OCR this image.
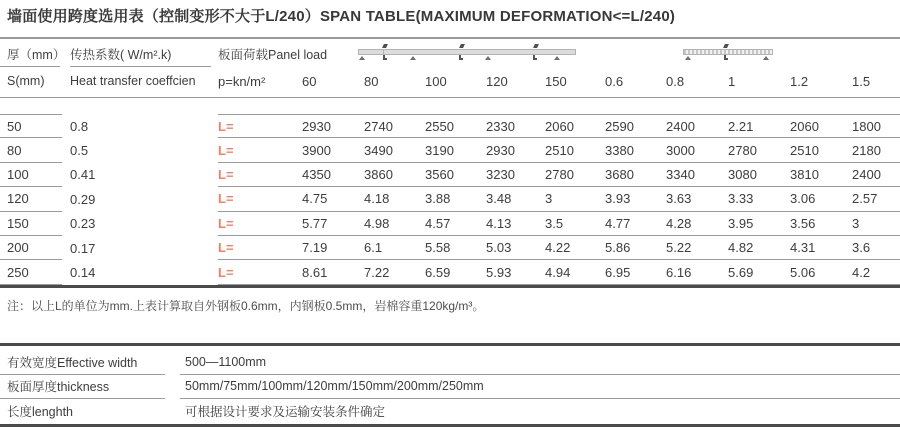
墙面使用跨度选用表（控制变形不大于L/240）SPAN TABLE(MAXIMUM DEFORMATION<=L/240)
厚（mm） 传热系数( W/m².k)	板面荷载Panel load
S(mm)	Heat transfer coeffcien	p=kn/m²	60	80	100	120	150	0.6	0.8	1	1.2	1.5
50	0.8	L=	2930	2740	2550	2330	2060	2590	2400	2.21	2060	1800
80	0.5	L=	3900	3490	3190	2930	2510	3380	3000	2780	2510	2180
100	0.41	L=	4350	3860	3560	3230	2780	3680	3340	3080	3810	2400
120	0.29	L=	4.75	4.18	3.88	3.48	3	3.93	3.63	3.33	3.06	2.57
150	0.23	L=	5.77	4.98	4.57	4.13	3.5	4.77	4.28	3.95	3.56	3
200	0.17	L=	7.19	6.1	5.58	5.03	4.22	5.86	5.22	4.82	4.31	3.6
250	0.14	L=	8.61	7.22	6.59	5.93	4.94	6.95	6.16	5.69	5.06	4.2
注：以上L的单位为mm.上表计算取自外钢板0.6mm，内钢板0.5mm，岩棉容重120kg/m³。
有效宽度Effective width	500—1100mm
板面厚度thickness	50mm/75mm/100mm/120mm/150mm/200mm/250mm
长度lenghth	可根据设计要求及运输安装条件确定
